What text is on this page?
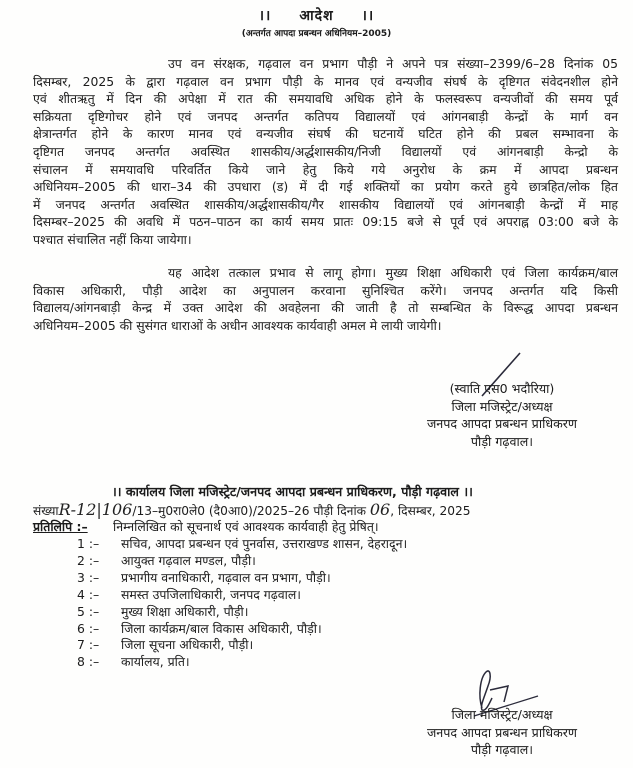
।। आदेश ।।
(अन्तर्गत आपदा प्रबन्धन अधिनियम–2005)
उप वन संरक्षक, गढ़वाल वन प्रभाग पौड़ी ने अपने पत्र संख्या–2399/6–28 दिनांक 05
दिसम्बर, 2025 के द्वारा गढ़वाल वन प्रभाग पौड़ी के मानव एवं वन्यजीव संघर्ष के दृष्टिगत संवेदनशील होने
एवं शीतऋतु में दिन की अपेक्षा में रात की समयावधि अधिक होने के फलस्वरूप वन्यजीवों की समय पूर्व
सक्रियता दृष्टिगोचर होने एवं जनपद अन्तर्गत कतिपय विद्यालयों एवं आंगनबाड़ी केन्द्रों के मार्ग वन
क्षेत्रान्तर्गत होने के कारण मानव एवं वन्यजीव संघर्ष की घटनायें घटित होने की प्रबल सम्भावना के
दृष्टिगत जनपद अन्तर्गत अवस्थित शासकीय/अर्द्धशासकीय/निजी विद्यालयों एवं आंगनबाड़ी केन्द्रो के
संचालन में समयावधि परिवर्तित किये जाने हेतु किये गये अनुरोध के क्रम में आपदा प्रबन्धन
अधिनियम–2005 की धारा–34 की उपधारा (ड) में दी गई शक्तियों का प्रयोग करते हुये छात्रहित/लोक हित
में जनपद अन्तर्गत अवस्थित शासकीय/अर्द्धशासकीय/गैर शासकीय विद्यालयों एवं आंगनबाड़ी केन्द्रों में माह
दिसम्बर–2025 की अवधि में पठन–पाठन का कार्य समय प्रातः 09:15 बजे से पूर्व एवं अपराह्न 03:00 बजे के
पश्चात संचालित नहीं किया जायेगा।
यह आदेश तत्काल प्रभाव से लागू होगा। मुख्य शिक्षा अधिकारी एवं जिला कार्यक्रम/बाल
विकास अधिकारी, पौड़ी आदेश का अनुपालन करवाना सुनिश्चित करेंगे। जनपद अन्तर्गत यदि किसी
विद्यालय/आंगनबाड़ी केन्द्र में उक्त आदेश की अवहेलना की जाती है तो सम्बन्धित के विरूद्ध आपदा प्रबन्धन
अधिनियम–2005 की सुसंगत धाराओं के अधीन आवश्यक कार्यवाही अमल मे लायी जायेगी।
(स्वाति एस0 भदौरिया)
जिला मजिस्ट्रेट/अध्यक्ष
जनपद आपदा प्रबन्धन प्राधिकरण
पौड़ी गढ़वाल।
।। कार्यालय जिला मजिस्ट्रेट/जनपद आपदा प्रबन्धन प्राधिकरण, पौड़ी गढ़वाल ।।
संख्याR-12|106/13–मु0रा0ले0 (दै0आ0)/2025–26 पौड़ी दिनांक 06, दिसम्बर, 2025
प्रतिलिपि :– निम्नलिखित को सूचनार्थ एवं आवश्यक कार्यवाही हेतु प्रेषित्।
1 :– सचिव, आपदा प्रबन्धन एवं पुनर्वास, उत्तराखण्ड शासन, देहरादून।
2 :– आयुक्त गढ़वाल मण्डल, पौड़ी।
3 :– प्रभागीय वनाधिकारी, गढ़वाल वन प्रभाग, पौड़ी।
4 :– समस्त उपजिलाधिकारी, जनपद गढ़वाल।
5 :– मुख्य शिक्षा अधिकारी, पौड़ी।
6 :– जिला कार्यक्रम/बाल विकास अधिकारी, पौड़ी।
7 :– जिला सूचना अधिकारी, पौड़ी।
8 :– कार्यालय, प्रति।
जिला मजिस्ट्रेट/अध्यक्ष
जनपद आपदा प्रबन्धन प्राधिकरण
पौड़ी गढ़वाल।
